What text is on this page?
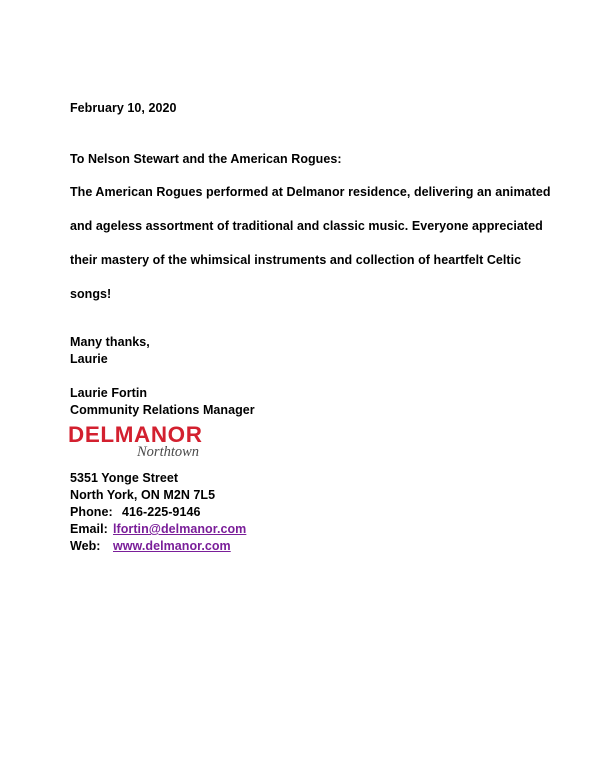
February 10, 2020
To Nelson Stewart and the American Rogues:
The American Rogues performed at Delmanor residence, delivering an animated
and ageless assortment of traditional and classic music. Everyone appreciated
their mastery of the whimsical instruments and collection of heartfelt Celtic
songs!
Many thanks,
Laurie
Laurie Fortin
Community Relations Manager
DELMANOR
Northtown
5351 Yonge Street
North York, ON M2N 7L5
Phone: 416-225-9146
Email: lfortin@delmanor.com
Web: www.delmanor.com
